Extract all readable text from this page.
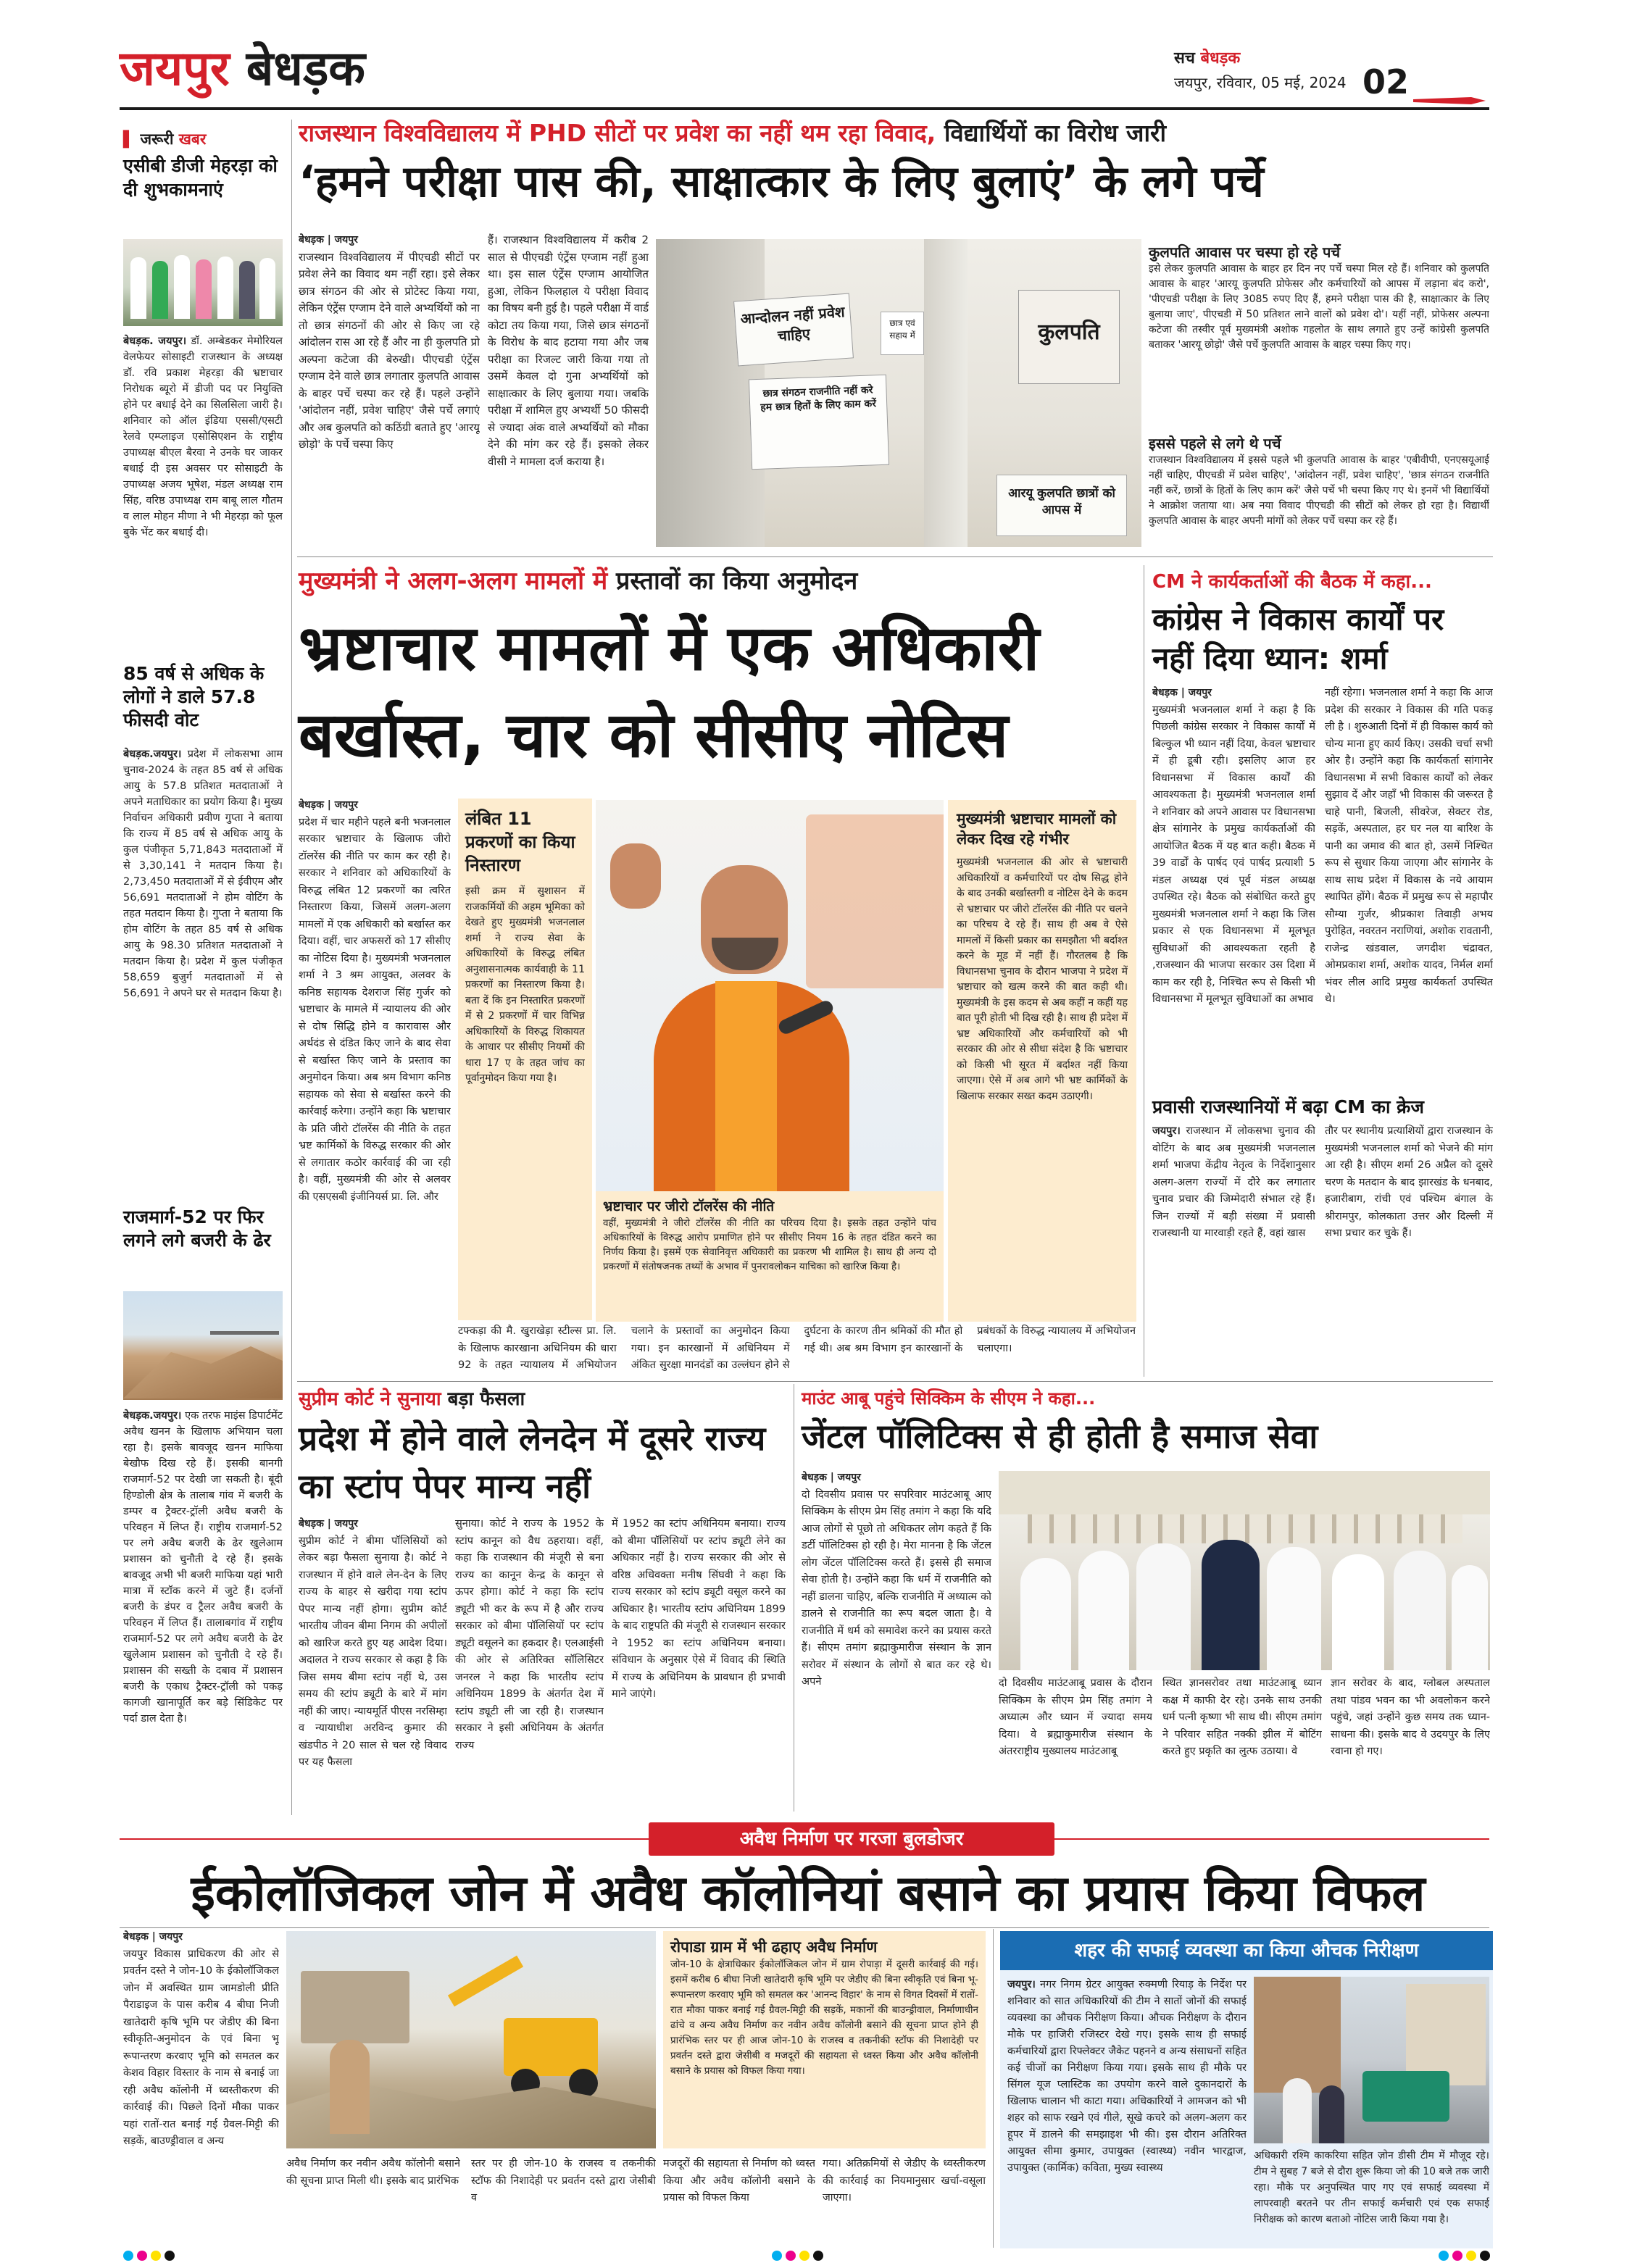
जयपुर बेधड़क	सच बेधड़क
जयपुर, रविवार, 05 मई, 2024 02
▌ जरूरी खबर
एसीबी डीजी मेहरड़ा को दी शुभकामनाएं
बेधड़क. जयपुर। डॉ. अम्बेडकर मेमोरियल वेलफेयर सोसाइटी राजस्थान के अध्यक्ष डॉ. रवि प्रकाश मेहरड़ा की भ्रष्टाचार निरोधक ब्यूरो में डीजी पद पर नियुक्ति होने पर बधाई देने का सिलसिला जारी है। शनिवार को ऑल इंडिया एससी/एसटी रेलवे एम्प्लाइज एसोसिएशन के राष्ट्रीय उपाध्यक्ष बीएल बैरवा ने उनके घर जाकर बधाई दी इस अवसर पर सोसाइटी के उपाध्यक्ष अजय भूषेश, मंडल अध्यक्ष राम सिंह, वरिष्ठ उपाध्यक्ष राम बाबू लाल गौतम व लाल मोहन मीणा ने भी मेहरड़ा को फूल बुके भेंट कर बधाई दी।
85 वर्ष से अधिक के लोगों ने डाले 57.8 फीसदी वोट
बेधड़क.जयपुर। प्रदेश में लोकसभा आम चुनाव-2024 के तहत 85 वर्ष से अधिक आयु के 57.8 प्रतिशत मतदाताओं ने अपने मताधिकार का प्रयोग किया है। मुख्य निर्वाचन अधिकारी प्रवीण गुप्ता ने बताया कि राज्य में 85 वर्ष से अधिक आयु के कुल पंजीकृत 5,71,843 मतदाताओं में से 3,30,141 ने मतदान किया है। 2,73,450 मतदाताओं में से ईवीएम और 56,691 मतदाताओं ने होम वोटिंग के तहत मतदान किया है। गुप्ता ने बताया कि होम वोटिंग के तहत 85 वर्ष से अधिक आयु के 98.30 प्रतिशत मतदाताओं ने मतदान किया है। प्रदेश में कुल पंजीकृत 58,659 बुजुर्ग मतदाताओं में से 56,691 ने अपने घर से मतदान किया है।
राजमार्ग-52 पर फिर लगने लगे बजरी के ढेर
बेधड़क.जयपुर। एक तरफ माइंस डिपार्टमेंट अवैध खनन के खिलाफ अभियान चला रहा है। इसके बावजूद खनन माफिया बेखौफ दिख रहे हैं। इसकी बानगी राजमार्ग-52 पर देखी जा सकती है। बूंदी हिण्डोली क्षेत्र के तालाब गांव में बजरी के डम्पर व ट्रैक्टर-ट्रॉली अवैध बजरी के परिवहन में लिप्त हैं। राष्ट्रीय राजमार्ग-52 पर लगे अवैध बजरी के ढेर खुलेआम प्रशासन को चुनौती दे रहे हैं। इसके बावजूद अभी भी बजरी माफिया यहां भारी मात्रा में स्टॉक करने में जुटे हैं। दर्जनों बजरी के डंपर व ट्रैलर अवैध बजरी के परिवहन में लिप्त हैं। तालाबगांव में राष्ट्रीय राजमार्ग-52 पर लगे अवैध बजरी के ढेर खुलेआम प्रशासन को चुनौती दे रहे हैं। प्रशासन की सख्ती के दबाव में प्रशासन बजरी के एकाध ट्रैक्टर-ट्रॉली को पकड़ कागजी खानापूर्ति कर बड़े सिंडिकेट पर पर्दा डाल देता है।
राजस्थान विश्वविद्यालय में PHD सीटों पर प्रवेश का नहीं थम रहा विवाद, विद्यार्थियों का विरोध जारी
‘हमने परीक्षा पास की, साक्षात्कार के लिए बुलाएं’ के लगे पर्चे
बेधड़क | जयपुर
राजस्थान विश्वविद्यालय में पीएचडी सीटों पर प्रवेश लेने का विवाद थम नहीं रहा। इसे लेकर छात्र संगठन की ओर से प्रोटेस्ट किया गया, लेकिन एंट्रेंस एग्जाम देने वाले अभ्यर्थियों को ना तो छात्र संगठनों की ओर से किए जा रहे आंदोलन रास आ रहे हैं और ना ही कुलपति प्रो अल्पना कटेजा की बेरुखी। पीएचडी एंट्रेंस एग्जाम देने वाले छात्र लगातार कुलपति आवास के बाहर पर्चे चस्पा कर रहे हैं। पहले उन्होंने 'आंदोलन नहीं, प्रवेश चाहिए' जैसे पर्चे लगाएं और अब कुलपति को कठिंग्री बताते हुए 'आरयू छोड़ो' के पर्चे चस्पा किए
हैं। राजस्थान विश्वविद्यालय में करीब 2 साल से पीएचडी एंट्रेंस एग्जाम नहीं हुआ था। इस साल एंट्रेंस एग्जाम आयोजित हुआ, लेकिन फिलहाल ये परीक्षा विवाद का विषय बनी हुई है। पहले परीक्षा में वार्ड कोटा तय किया गया, जिसे छात्र संगठनों के विरोध के बाद हटाया गया और जब परीक्षा का रिजल्ट जारी किया गया तो उसमें केवल दो गुना अभ्यर्थियों को साक्षात्कार के लिए बुलाया गया। जबकि परीक्षा में शामिल हुए अभ्यर्थी 50 फीसदी से ज्यादा अंक वाले अभ्यर्थियों को मौका देने की मांग कर रहे हैं। इसको लेकर वीसी ने मामला दर्ज कराया है।
आन्दोलन नहीं प्रवेश चाहिए	कुलपति
छात्र संगठन राजनीति नहीं करे हम छात्र हितों के लिए काम करें
छात्र एवं सहाय में
आरयू कुलपति छात्रों को आपस में
कुलपति आवास पर चस्पा हो रहे पर्चे
इसे लेकर कुलपति आवास के बाहर हर दिन नए पर्चे चस्पा मिल रहे हैं। शनिवार को कुलपति आवास के बाहर 'आरयू कुलपति प्रोफेसर और कर्मचारियों को आपस में लड़ाना बंद करो', 'पीएचडी परीक्षा के लिए 3085 रुपए दिए हैं, हमने परीक्षा पास की है, साक्षात्कार के लिए बुलाया जाए', पीएचडी में 50 प्रतिशत लाने वालों को प्रवेश दो'। यहीं नहीं, प्रोफेसर अल्पना कटेजा की तस्वीर पूर्व मुख्यमंत्री अशोक गहलोत के साथ लगाते हुए उन्हें कांग्रेसी कुलपति बताकर 'आरयू छोड़ो' जैसे पर्चे कुलपति आवास के बाहर चस्पा किए गए।
इससे पहले से लगे थे पर्चे
राजस्थान विश्वविद्यालय में इससे पहले भी कुलपति आवास के बाहर 'एबीवीपी, एनएसयूआई नहीं चाहिए, पीएचडी में प्रवेश चाहिए', 'आंदोलन नहीं, प्रवेश चाहिए', 'छात्र संगठन राजनीति नहीं करें, छात्रों के हितों के लिए काम करें' जैसे पर्चे भी चस्पा किए गए थे। इनमें भी विद्यार्थियों ने आक्रोश जताया था। अब नया विवाद पीएचडी की सीटों को लेकर हो रहा है। विद्यार्थी कुलपति आवास के बाहर अपनी मांगों को लेकर पर्चे चस्पा कर रहे हैं।
मुख्यमंत्री ने अलग-अलग मामलों में प्रस्तावों का किया अनुमोदन
भ्रष्टाचार मामलों में एक अधिकारी
बर्खास्त, चार को सीसीए नोटिस
बेधड़क | जयपुर
प्रदेश में चार महीने पहले बनी भजनलाल सरकार भ्रष्टाचार के खिलाफ जीरो टॉलरेंस की नीति पर काम कर रही है। सरकार ने शनिवार को अधिकारियों के विरुद्ध लंबित 12 प्रकरणों का त्वरित निस्तारण किया, जिसमें अलग-अलग मामलों में एक अधिकारी को बर्खास्त कर दिया। वहीं, चार अफसरों को 17 सीसीए का नोटिस दिया है। मुख्यमंत्री भजनलाल शर्मा ने 3 श्रम आयुक्त, अलवर के कनिष्ठ सहायक देशराज सिंह गुर्जर को भ्रष्टाचार के मामले में न्यायालय की ओर से दोष सिद्धि होने व कारावास और अर्थदंड से दंडित किए जाने के बाद सेवा से बर्खास्त किए जाने के प्रस्ताव का अनुमोदन किया। अब श्रम विभाग कनिष्ठ सहायक को सेवा से बर्खास्त करने की कार्रवाई करेगा। उन्होंने कहा कि भ्रष्टाचार के प्रति जीरो टॉलरेंस की नीति के तहत भ्रष्ट कार्मिकों के विरुद्ध सरकार की ओर से लगातार कठोर कार्रवाई की जा रही है। वहीं, मुख्यमंत्री की ओर से अलवर की एसएसबी इंजीनियर्स प्रा. लि. और
लंबित 11 प्रकरणों का किया निस्तारण
इसी क्रम में सुशासन में राजकर्मियों की अहम भूमिका को देखते हुए मुख्यमंत्री भजनलाल शर्मा ने राज्य सेवा के अधिकारियों के विरुद्ध लंबित अनुशासनात्मक कार्यवाही के 11 प्रकरणों का निस्तारण किया है। बता दें कि इन निस्तारित प्रकरणों में से 2 प्रकरणों में चार विभिन्न अधिकारियों के विरुद्ध शिकायत के आधार पर सीसीए नियमों की धारा 17 ए के तहत जांच का पूर्वानुमोदन किया गया है।
भ्रष्टाचार पर जीरो टॉलरेंस की नीति
वहीं, मुख्यमंत्री ने जीरो टॉलरेंस की नीति का परिचय दिया है। इसके तहत उन्होंने पांच अधिकारियों के विरुद्ध आरोप प्रमाणित होने पर सीसीए नियम 16 के तहत दंडित करने का निर्णय किया है। इसमें एक सेवानिवृत्त अधिकारी का प्रकरण भी शामिल है। साथ ही अन्य दो प्रकरणों में संतोषजनक तथ्यों के अभाव में पुनरावलोकन याचिका को खारिज किया है।
मुख्यमंत्री भ्रष्टाचार मामलों को लेकर दिख रहे गंभीर
मुख्यमंत्री भजनलाल की ओर से भ्रष्टाचारी अधिकारियों व कर्मचारियों पर दोष सिद्ध होने के बाद उनकी बर्खास्तगी व नोटिस देने के कदम से भ्रष्टाचार पर जीरो टॉलरेंस की नीति पर चलने का परिचय दे रहे हैं। साथ ही अब वे ऐसे मामलों में किसी प्रकार का समझौता भी बर्दाश्त करने के मूड में नहीं हैं। गौरतलब है कि विधानसभा चुनाव के दौरान भाजपा ने प्रदेश में भ्रष्टाचार को खत्म करने की बात कही थी। मुख्यमंत्री के इस कदम से अब कहीं न कहीं यह बात पूरी होती भी दिख रही है। साथ ही प्रदेश में भ्रष्ट अधिकारियों और कर्मचारियों को भी सरकार की ओर से सीधा संदेश है कि भ्रष्टाचार को किसी भी सूरत में बर्दाश्त नहीं किया जाएगा। ऐसे में अब आगे भी भ्रष्ट कार्मिकों के खिलाफ सरकार सख्त कदम उठाएगी।
टफ्कड़ा की मै. खुराखेड़ा स्टील्स प्रा. लि. के खिलाफ कारखाना अधिनियम की धारा 92 के तहत न्यायालय में अभियोजन चलाने के प्रस्तावों का अनुमोदन किया गया। इन कारखानों में अधिनियम में अंकित सुरक्षा मानदंडों का उल्लंघन होने से दुर्घटना के कारण तीन श्रमिकों की मौत हो गई थी। अब श्रम विभाग इन कारखानों के प्रबंधकों के विरुद्ध न्यायालय में अभियोजन चलाएगा।
CM ने कार्यकर्ताओं की बैठक में कहा...
कांग्रेस ने विकास कार्यों पर नहीं दिया ध्यान: शर्मा
बेधड़क | जयपुर
मुख्यमंत्री भजनलाल शर्मा ने कहा है कि पिछली कांग्रेस सरकार ने विकास कार्यों में बिल्कुल भी ध्यान नहीं दिया, केवल भ्रष्टाचार में ही डूबी रही। इसलिए आज हर विधानसभा में विकास कार्यों की आवश्यकता है। मुख्यमंत्री भजनलाल शर्मा ने शनिवार को अपने आवास पर विधानसभा क्षेत्र सांगानेर के प्रमुख कार्यकर्ताओं की आयोजित बैठक में यह बात कही। बैठक में 39 वार्डों के पार्षद एवं पार्षद प्रत्याशी 5 मंडल अध्यक्ष एवं पूर्व मंडल अध्यक्ष उपस्थित रहे। बैठक को संबोधित करते हुए मुख्यमंत्री भजनलाल शर्मा ने कहा कि जिस प्रकार से एक विधानसभा में मूलभूत सुविधाओं की आवश्यकता रहती है ,राजस्थान की भाजपा सरकार उस दिशा में काम कर रही है, निश्चित रूप से किसी भी विधानसभा में मूलभूत सुविधाओं का अभाव
नहीं रहेगा। भजनलाल शर्मा ने कहा कि आज प्रदेश की सरकार ने विकास की गति पकड़ ली है । शुरुआती दिनों में ही विकास कार्य को चोन्य माना हुए कार्य किए। उसकी चर्चा सभी ओर है। उन्होंने कहा कि कार्यकर्ता सांगानेर विधानसभा में सभी विकास कार्यों को लेकर सुझाव दें और जहाँ भी विकास की जरूरत है चाहे पानी, बिजली, सीवरेज, सेक्टर रोड, सड़कें, अस्पताल, हर घर नल या बारिश के पानी का जमाव की बात हो, उसमें निश्चित रूप से सुधार किया जाएगा और सांगानेर के साथ साथ प्रदेश में विकास के नये आयाम स्थापित होंगे। बैठक में प्रमुख रूप से महापौर सौम्या गुर्जर, श्रीप्रकाश तिवाड़ी अभय पुरोहित, नवरतन नराणियां, अशोक रावतानी, राजेन्द्र खंडवाल, जगदीश चंद्रावत, ओमप्रकाश शर्मा, अशोक यादव, निर्मल शर्मा भंवर लील आदि प्रमुख कार्यकर्ता उपस्थित थे।
प्रवासी राजस्थानियों में बढ़ा CM का क्रेज
जयपुर। राजस्थान में लोकसभा चुनाव की वोटिंग के बाद अब मुख्यमंत्री भजनलाल शर्मा भाजपा केंद्रीय नेतृत्व के निर्देशानुसार अलग-अलग राज्यों में दौरे कर लगातार चुनाव प्रचार की जिम्मेदारी संभाल रहे हैं। जिन राज्यों में बड़ी संख्या में प्रवासी राजस्थानी या मारवाड़ी रहते हैं, वहां खास
तौर पर स्थानीय प्रत्याशियों द्वारा राजस्थान के मुख्यमंत्री भजनलाल शर्मा को भेजने की मांग आ रही है। सीएम शर्मा 26 अप्रैल को दूसरे चरण के मतदान के बाद झारखंड के धनबाद, हजारीबाग, रांची एवं पश्चिम बंगाल के श्रीरामपुर, कोलकाता उत्तर और दिल्ली में सभा प्रचार कर चुके हैं।
सुप्रीम कोर्ट ने सुनाया बड़ा फैसला
प्रदेश में होने वाले लेनदेन में दूसरे राज्य का स्टांप पेपर मान्य नहीं
बेधड़क | जयपुर
सुप्रीम कोर्ट ने बीमा पॉलिसियों को लेकर बड़ा फैसला सुनाया है। कोर्ट ने राजस्थान में होने वाले लेन-देन के लिए राज्य के बाहर से खरीदा गया स्टांप पेपर मान्य नहीं होगा। सुप्रीम कोर्ट भारतीय जीवन बीमा निगम की अपीलों को खारिज करते हुए यह आदेश दिया। अदालत ने राज्य सरकार से कहा है कि जिस समय बीमा स्टांप नहीं थे, उस समय की स्टांप ड्यूटी के बारे में मांग नहीं की जाए। न्यायमूर्ति पीएस नरसिम्हा व न्यायाधीश अरविन्द कुमार की खंडपीठ ने 20 साल से चल रहे विवाद पर यह फैसला
सुनाया। कोर्ट ने राज्य के 1952 के स्टांप कानून को वैध ठहराया। वहीं, कहा कि राजस्थान की मंजूरी से बना राज्य का कानून केन्द्र के कानून से ऊपर होगा। कोर्ट ने कहा कि स्टांप ड्यूटी भी कर के रूप में है और राज्य सरकार को बीमा पॉलिसियों पर स्टांप ड्यूटी वसूलने का हकदार है। एलआईसी की ओर से अतिरिक्त सॉलिसिटर जनरल ने कहा कि भारतीय स्टांप अधिनियम 1899 के अंतर्गत देश में स्टांप ड्यूटी ली जा रही है। राजस्थान सरकार ने इसी अधिनियम के अंतर्गत राज्य
में 1952 का स्टांप अधिनियम बनाया। राज्य को बीमा पॉलिसियों पर स्टांप ड्यूटी लेने का अधिकार नहीं है। राज्य सरकार की ओर से वरिष्ठ अधिवक्ता मनीष सिंघवी ने कहा कि राज्य सरकार को स्टांप ड्यूटी वसूल करने का अधिकार है। भारतीय स्टांप अधिनियम 1899 के बाद राष्ट्रपति की मंजूरी से राजस्थान सरकार ने 1952 का स्टांप अधिनियम बनाया। संविधान के अनुसार ऐसे में विवाद की स्थिति में राज्य के अधिनियम के प्रावधान ही प्रभावी माने जाएंगे।
माउंट आबू पहुंचे सिक्किम के सीएम ने कहा...
जेंटल पॉलिटिक्स से ही होती है समाज सेवा
बेधड़क | जयपुर
दो दिवसीय प्रवास पर सपरिवार माउंटआबू आए सिक्किम के सीएम प्रेम सिंह तमांग ने कहा कि यदि आज लोगों से पूछो तो अधिकतर लोग कहते हैं कि डर्टी पॉलिटिक्स हो रही है। मेरा मानना है कि जेंटल लोग जेंटल पॉलिटिक्स करते हैं। इससे ही समाज सेवा होती है। उन्होंने कहा कि धर्म में राजनीति को नहीं डालना चाहिए, बल्कि राजनीति में अध्यात्म को डालने से राजनीति का रूप बदल जाता है। वे राजनीति में धर्म को समावेश करने का प्रयास करते हैं। सीएम तमांग ब्रह्माकुमारीज संस्थान के ज्ञान सरोवर में संस्थान के लोगों से बात कर रहे थे। अपने	दो दिवसीय माउंटआबू प्रवास के दौरान सिक्किम के सीएम प्रेम सिंह तमांग ने अध्यात्म और ध्यान में ज्यादा समय दिया। वे ब्रह्माकुमारीज संस्थान के अंतरराष्ट्रीय मुख्यालय माउंटआबू
स्थित ज्ञानसरोवर तथा माउंटआबू ध्यान कक्ष में काफी देर रहे। उनके साथ उनकी धर्म पत्नी कृष्णा भी साथ थी। सीएम तमांग ने परिवार सहित नक्की झील में बोटिंग करते हुए प्रकृति का लुत्फ उठाया। वे
ज्ञान सरोवर के बाद, ग्लोबल अस्पताल तथा पांडव भवन का भी अवलोकन करने पहुंचे, जहां उन्होंने कुछ समय तक ध्यान-साधना की। इसके बाद वे उदयपुर के लिए रवाना हो गए।
अवैध निर्माण पर गरजा बुलडोजर
ईकोलॉजिकल जोन में अवैध कॉलोनियां बसाने का प्रयास किया विफल
बेधड़क | जयपुर
जयपुर विकास प्राधिकरण की ओर से प्रवर्तन दस्ते ने जोन-10 के ईकोलॉजिकल जोन में अवस्थित ग्राम जामडोली प्रीति पैराडाइज के पास करीब 4 बीघा निजी खातेदारी कृषि भूमि पर जेडीए की बिना स्वीकृति-अनुमोदन के एवं बिना भू रूपान्तरण करवाए भूमि को समतल कर केशव विहार विस्तार के नाम से बनाई जा रही अवैध कॉलोनी में ध्वस्तीकरण की कार्रवाई की। पिछले दिनों मौका पाकर यहां रातों-रात बनाई गई ग्रैवल-मिट्टी की सड़कें, बाउण्ड्रीवाल व अन्य
अवैध निर्माण कर नवीन अवैध कॉलोनी बसाने की सूचना प्राप्त मिली थी। इसके बाद प्रारंभिक
स्तर पर ही जोन-10 के राजस्व व तकनीकी स्टॉफ की निशादेही पर प्रवर्तन दस्ते द्वारा जेसीबी व
रोपाडा ग्राम में भी ढहाए अवैध निर्माण
जोन-10 के क्षेत्राधिकार ईकोलॉजिकल जोन में ग्राम रोपाड़ा में दूसरी कार्रवाई की गई। इसमें करीब 6 बीघा निजी खातेदारी कृषि भूमि पर जेडीए की बिना स्वीकृति एवं बिना भू-रूपान्तरण करवाए भूमि को समतल कर 'आनन्द विहार' के नाम से विगत दिवसों में रातों-रात मौका पाकर बनाई गई ग्रैवल-मिट्टी की सड़कें, मकानों की बाउन्ड्रीवाल, निर्माणाधीन ढांचे व अन्य अवैध निर्माण कर नवीन अवैध कॉलोनी बसाने की सूचना प्राप्त होने ही प्रारंभिक स्तर पर ही आज जोन-10 के राजस्व व तकनीकी स्टॉफ की निशादेही पर प्रवर्तन दस्ते द्वारा जेसीबी व मजदूरों की सहायता से ध्वस्त किया और अवैध कॉलोनी बसाने के प्रयास को विफल किया गया।
मजदूरों की सहायता से निर्माण को ध्वस्त किया और अवैध कॉलोनी बसाने के प्रयास को विफल किया
गया। अतिक्रमियों से जेडीए के ध्वस्तीकरण की कार्रवाई का नियमानुसार खर्चा-वसूला जाएगा।
शहर की सफाई व्यवस्था का किया औचक निरीक्षण
जयपुर। नगर निगम ग्रेटर आयुक्त रुक्मणी रियाड़ के निर्देश पर शनिवार को सात अधिकारियों की टीम ने सातों जोनों की सफाई व्यवस्था का औचक निरीक्षण किया। औचक निरीक्षण के दौरान मौके पर हाजिरी रजिस्टर देखे गए। इसके साथ ही सफाई कर्मचारियों द्वारा रिफ्लेक्टर जैकेट पहनने व अन्य संसाधनों सहित कई चीजों का निरीक्षण किया गया। इसके साथ ही मौके पर सिंगल यूज प्लास्टिक का उपयोग करने वाले दुकानदारों के खिलाफ चालान भी काटा गया। अधिकारियों ने आमजन को भी शहर को साफ रखने एवं गीले, सूखे कचरे को अलग-अलग कर हूपर में डालने की समझाइश भी की। इस दौरान अतिरिक्त आयुक्त सीमा कुमार, उपायुक्त (स्वास्थ्य) नवीन भारद्वाज, उपायुक्त (कार्मिक) कविता, मुख्य स्वास्थ्य
अधिकारी रश्मि काकरिया सहित ज़ोन डीसी टीम में मौजूद रहे। टीम ने सुबह 7 बजे से दौरा शुरू किया जो की 10 बजे तक जारी रहा। मौके पर अनुपस्थित पाए गए एवं सफाई व्यवस्था में लापरवाही बरतने पर तीन सफाई कर्मचारी एवं एक सफाई निरीक्षक को कारण बताओ नोटिस जारी किया गया है।
